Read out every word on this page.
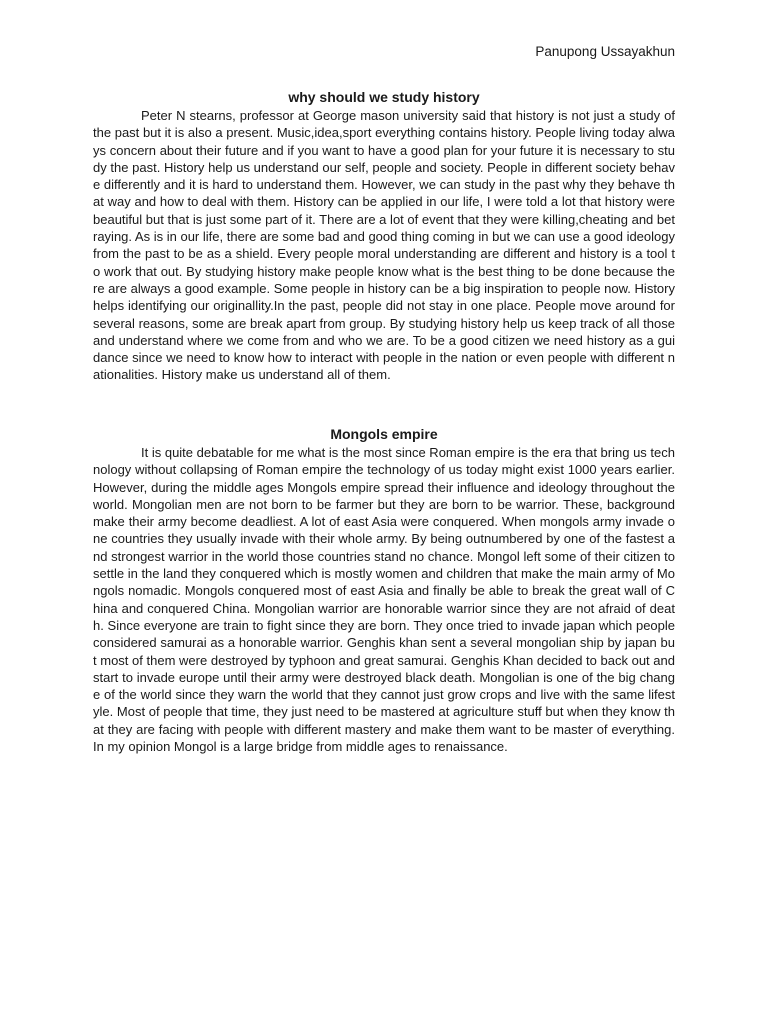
Panupong Ussayakhun
why should we study history

Peter N stearns, professor at George mason university said that history is not just a study of the past but it is also a present. Music,idea,sport everything contains history. People living today always concern about their future and if you want to have a good plan for your future it is necessary to study the past. History help us understand our self, people and society. People in different society behave differently and it is hard to understand them. However, we can study in the past why they behave that way and how to deal with them. History can be applied in our life, I were told a lot that history were beautiful but that is just some part of it. There are a lot of event that they were killing,cheating and betraying. As is in our life, there are some bad and good thing coming in but we can use a good ideology from the past to be as a shield. Every people moral understanding are different and history is a tool to work that out. By studying history make people know what is the best thing to be done because there are always a good example. Some people in history can be a big inspiration to people now. History helps identifying our originallity.In the past, people did not stay in one place. People move around for several reasons, some are break apart from group. By studying history help us keep track of all those and understand where we come from and who we are. To be a good citizen we need history as a guidance since we need to know how to interact with people in the nation or even people with different nationalities. History make us understand all of them.

Mongols empire

It is quite debatable for me what is the most since Roman empire is the era that bring us technology without collapsing of Roman empire the technology of us today might exist 1000 years earlier. However, during the middle ages Mongols empire spread their influence and ideology throughout the world. Mongolian men are not born to be farmer but they are born to be warrior. These, background make their army become deadliest. A lot of east Asia were conquered. When mongols army invade one countries they usually invade with their whole army. By being outnumbered by one of the fastest and strongest warrior in the world those countries stand no chance. Mongol left some of their citizen to settle in the land they conquered which is mostly women and children that make the main army of Mongols nomadic. Mongols conquered most of east Asia and finally be able to break the great wall of China and conquered China. Mongolian warrior are honorable warrior since they are not afraid of death. Since everyone are train to fight since they are born. They once tried to invade japan which people considered samurai as a honorable warrior. Genghis khan sent a several mongolian ship by japan but most of them were destroyed by typhoon and great samurai. Genghis Khan decided to back out and start to invade europe until their army were destroyed black death. Mongolian is one of the big change of the world since they warn the world that they cannot just grow crops and live with the same lifestyle. Most of people that time, they just need to be mastered at agriculture stuff but when they know that they are facing with people with different mastery and make them want to be master of everything. In my opinion Mongol is a large bridge from middle ages to renaissance.
